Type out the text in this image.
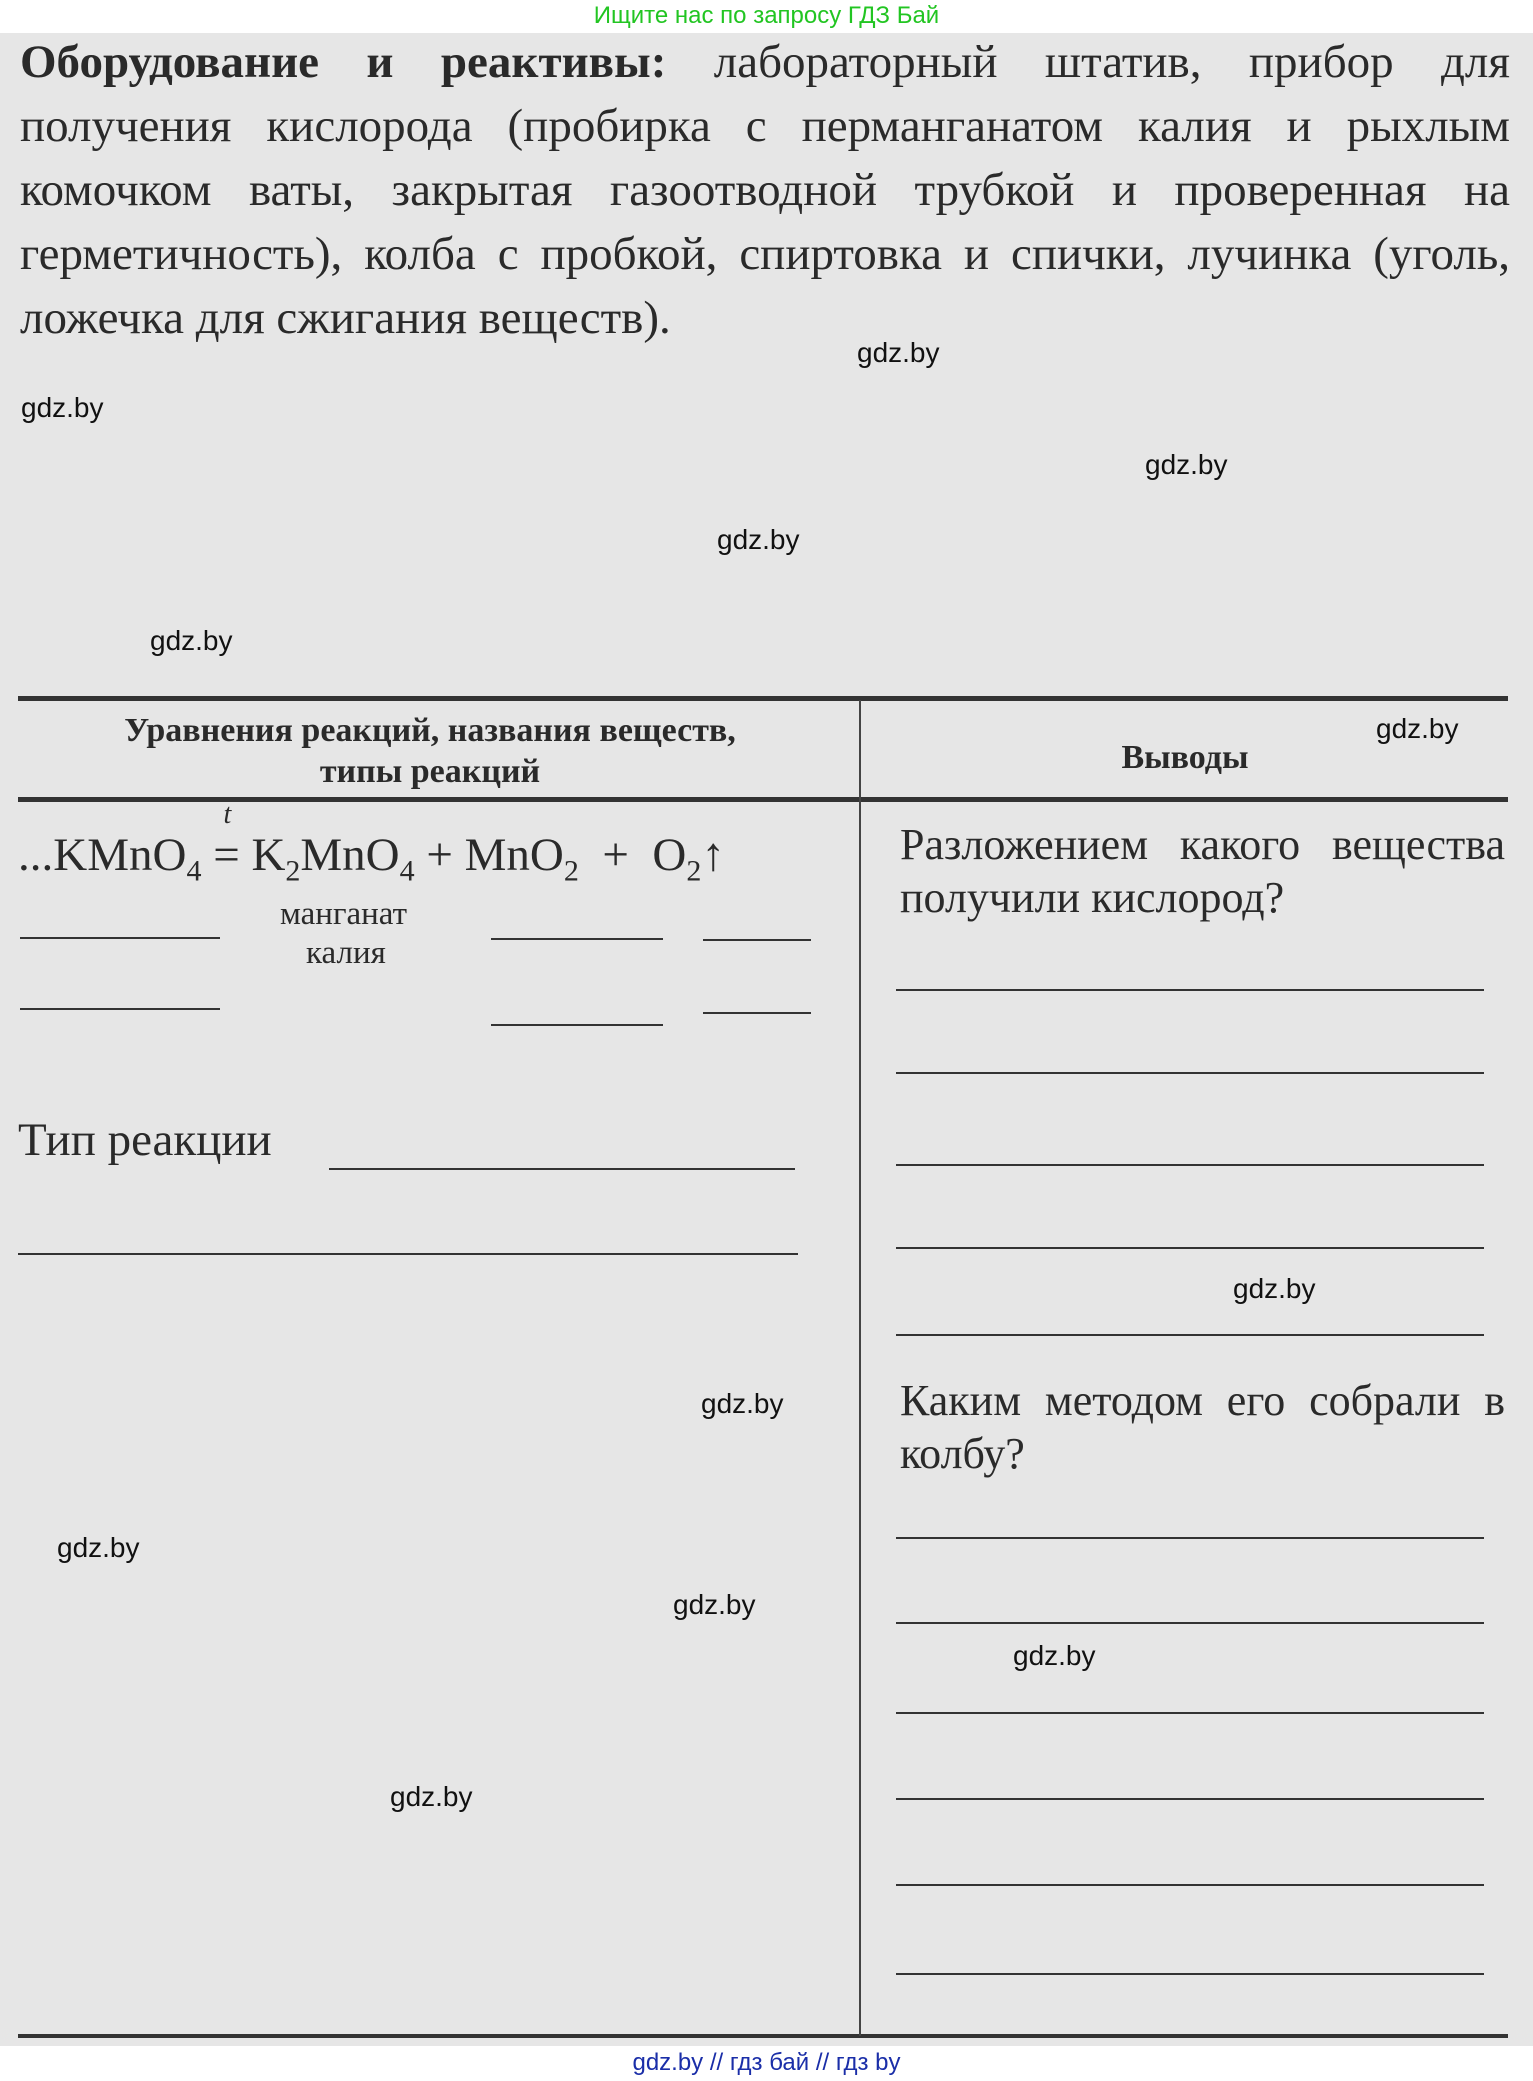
Ищите нас по запросу ГДЗ Бай
Оборудование и реактивы: лабораторный штатив, прибор для получения кислорода (пробирка с перманганатом калия и рыхлым комочком ваты, закрытая газоотводной трубкой и проверенная на герметичность), колба с пробкой, спиртовка и спички, лучинка (уголь, ложечка для сжигания веществ).
gdz.by
gdz.by
gdz.by
gdz.by
gdz.by
gdz.by
gdz.by
gdz.by
gdz.by
gdz.by
gdz.by
gdz.by
Уравнения реакций, названия веществ,
типы реакций	Выводы
...KMnO$_4$
t
= $K_2MnO_4 + MnO_2$  +  $O_2↑$
манганат
калия
Тип реакции
Разложением какого вещества получили кислород?
Каким методом его собрали в колбу?
gdz.by // гдз бай // гдз by
